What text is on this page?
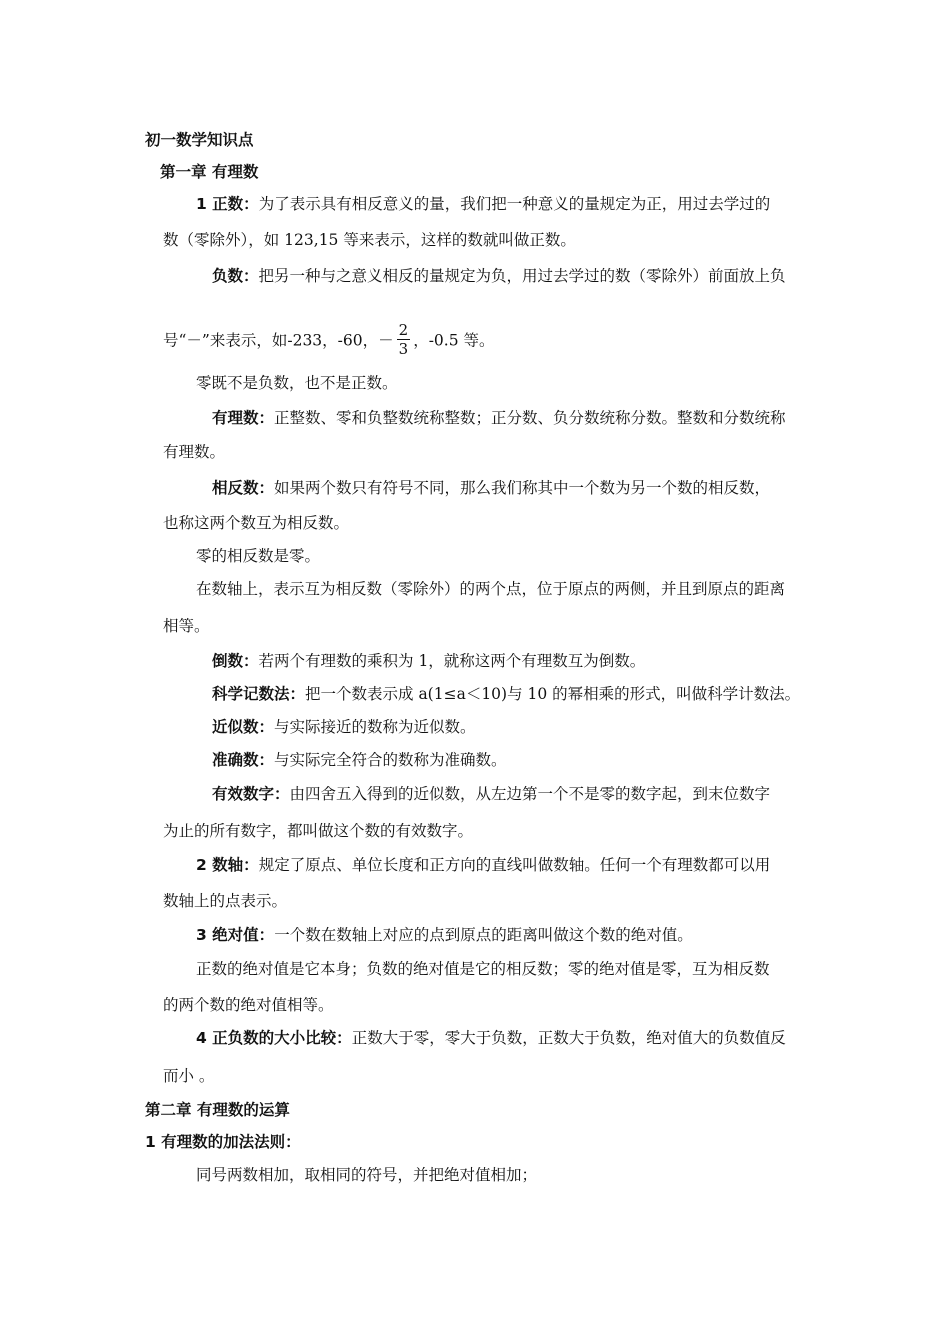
初一数学知识点
第一章 有理数
1 正数：为了表示具有相反意义的量，我们把一种意义的量规定为正，用过去学过的
数（零除外），如 123,15 等来表示，这样的数就叫做正数。
负数：把另一种与之意义相反的量规定为负，用过去学过的数（零除外）前面放上负
号“－”来表示，如-233，-60，－ $\frac{2}{3}$ ，-0.5 等。
零既不是负数，也不是正数。
有理数：正整数、零和负整数统称整数；正分数、负分数统称分数。整数和分数统称
有理数。
相反数：如果两个数只有符号不同，那么我们称其中一个数为另一个数的相反数，
也称这两个数互为相反数。
零的相反数是零。
在数轴上，表示互为相反数（零除外）的两个点，位于原点的两侧，并且到原点的距离
相等。
倒数：若两个有理数的乘积为 1，就称这两个有理数互为倒数。
科学记数法：把一个数表示成 a(1≤a＜10)与 10 的幂相乘的形式，叫做科学计数法。
近似数：与实际接近的数称为近似数。
准确数：与实际完全符合的数称为准确数。
有效数字：由四舍五入得到的近似数，从左边第一个不是零的数字起，到末位数字
为止的所有数字，都叫做这个数的有效数字。
2 数轴：规定了原点、单位长度和正方向的直线叫做数轴。任何一个有理数都可以用
数轴上的点表示。
3 绝对值：一个数在数轴上对应的点到原点的距离叫做这个数的绝对值。
正数的绝对值是它本身；负数的绝对值是它的相反数；零的绝对值是零，互为相反数
的两个数的绝对值相等。
4 正负数的大小比较：正数大于零，零大于负数，正数大于负数，绝对值大的负数值反
而小 。
第二章 有理数的运算
1 有理数的加法法则：
同号两数相加，取相同的符号，并把绝对值相加；
